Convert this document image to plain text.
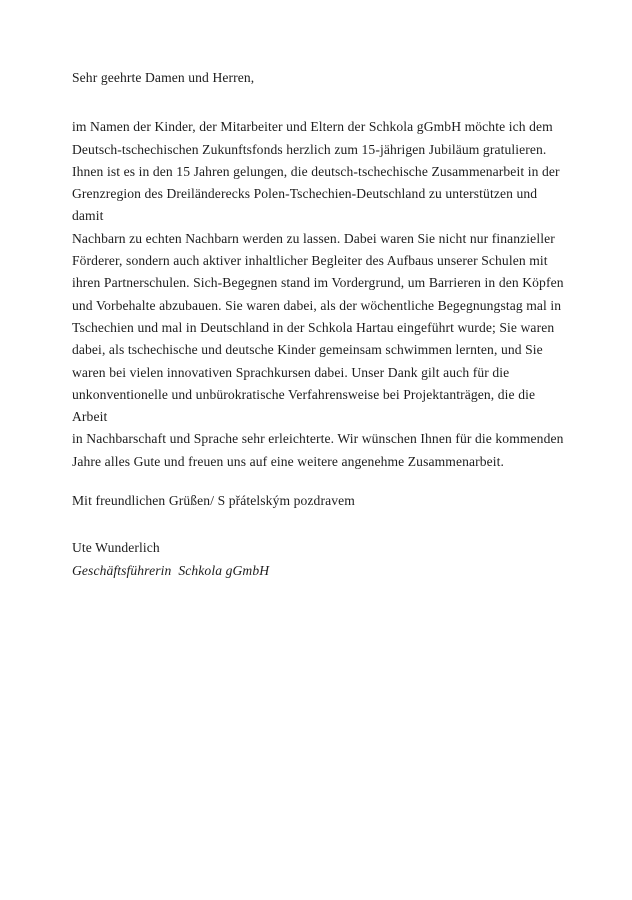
Sehr geehrte Damen und Herren,

im Namen der Kinder, der Mitarbeiter und Eltern der Schkola gGmbH möchte ich dem
Deutsch-tschechischen Zukunftsfonds herzlich zum 15-jährigen Jubiläum gratulieren.
Ihnen ist es in den 15 Jahren gelungen, die deutsch-tschechische Zusammenarbeit in der
Grenzregion des Dreiländerecks Polen-Tschechien-Deutschland zu unterstützen und damit
Nachbarn zu echten Nachbarn werden zu lassen. Dabei waren Sie nicht nur finanzieller
Förderer, sondern auch aktiver inhaltlicher Begleiter des Aufbaus unserer Schulen mit
ihren Partnerschulen. Sich-Begegnen stand im Vordergrund, um Barrieren in den Köpfen
und Vorbehalte abzubauen. Sie waren dabei, als der wöchentliche Begegnungstag mal in
Tschechien und mal in Deutschland in der Schkola Hartau eingeführt wurde; Sie waren
dabei, als tschechische und deutsche Kinder gemeinsam schwimmen lernten, und Sie
waren bei vielen innovativen Sprachkursen dabei. Unser Dank gilt auch für die
unkonventionelle und unbürokratische Verfahrensweise bei Projektanträgen, die die Arbeit
in Nachbarschaft und Sprache sehr erleichterte. Wir wünschen Ihnen für die kommenden
Jahre alles Gute und freuen uns auf eine weitere angenehme Zusammenarbeit.

Mit freundlichen Grüßen/ S přátelským pozdravem

Ute Wunderlich

Geschäftsführerin  Schkola gGmbH
